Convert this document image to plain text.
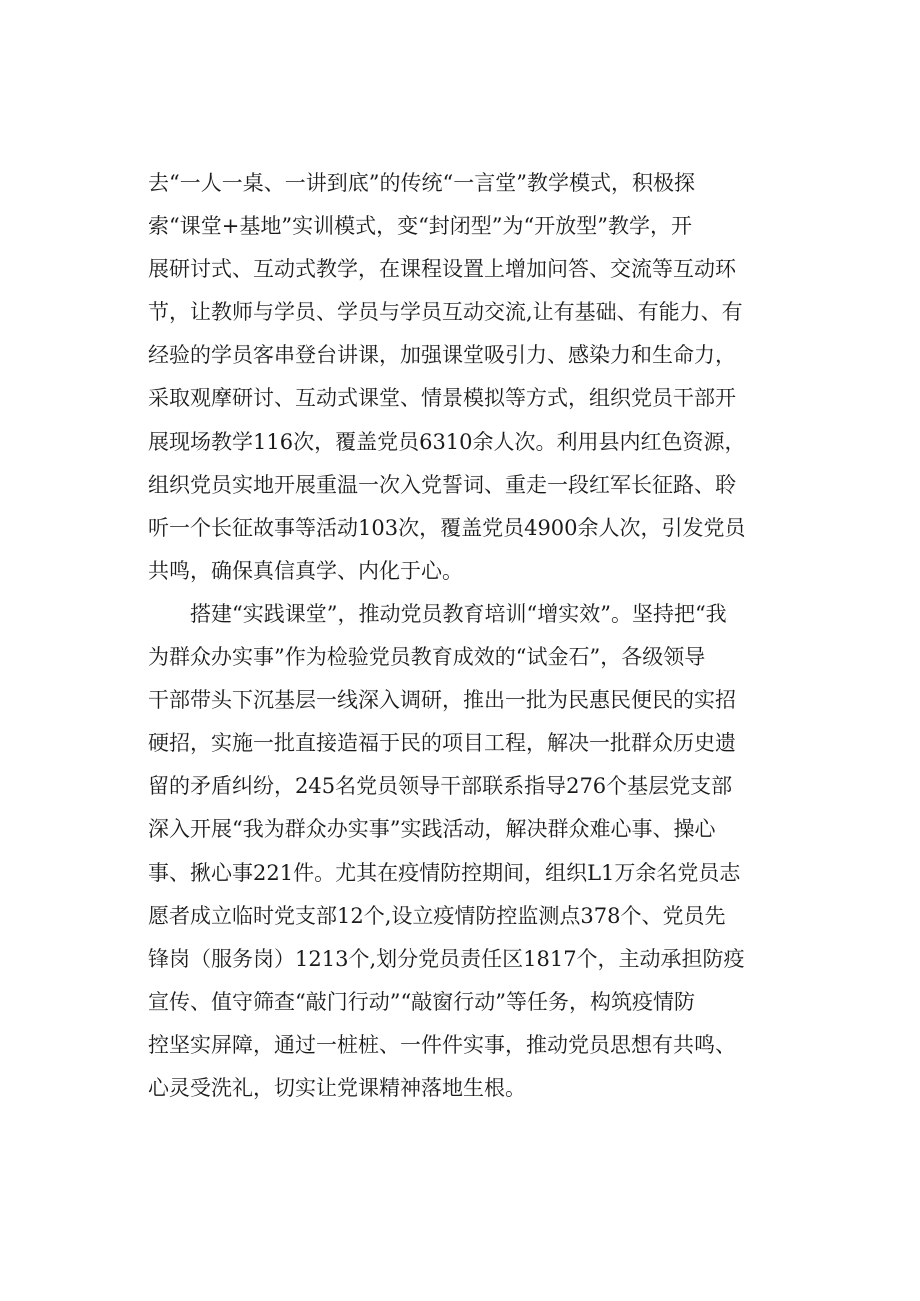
去“一人一桌、一讲到底”的传统“一言堂”教学模式，积极探
索“课堂+基地”实训模式，变“封闭型”为“开放型”教学，开
展研讨式、互动式教学，在课程设置上增加问答、交流等互动环
节，让教师与学员、学员与学员互动交流,让有基础、有能力、有
经验的学员客串登台讲课，加强课堂吸引力、感染力和生命力，
采取观摩研讨、互动式课堂、情景模拟等方式，组织党员干部开
展现场教学116次，覆盖党员6310余人次。利用县内红色资源，
组织党员实地开展重温一次入党誓词、重走一段红军长征路、聆
听一个长征故事等活动103次，覆盖党员4900余人次，引发党员
共鸣，确保真信真学、内化于心。
　　搭建“实践课堂”，推动党员教育培训“增实效”。坚持把“我
为群众办实事”作为检验党员教育成效的“试金石”，各级领导
干部带头下沉基层一线深入调研，推出一批为民惠民便民的实招
硬招，实施一批直接造福于民的项目工程，解决一批群众历史遗
留的矛盾纠纷，245名党员领导干部联系指导276个基层党支部
深入开展“我为群众办实事”实践活动，解决群众难心事、操心
事、揪心事221件。尤其在疫情防控期间，组织L1万余名党员志
愿者成立临时党支部12个,设立疫情防控监测点378个、党员先
锋岗（服务岗）1213个,划分党员责任区1817个，主动承担防疫
宣传、值守筛查“敲门行动”“敲窗行动”等任务，构筑疫情防
控坚实屏障，通过一桩桩、一件件实事，推动党员思想有共鸣、
心灵受洗礼，切实让党课精神落地生根。
